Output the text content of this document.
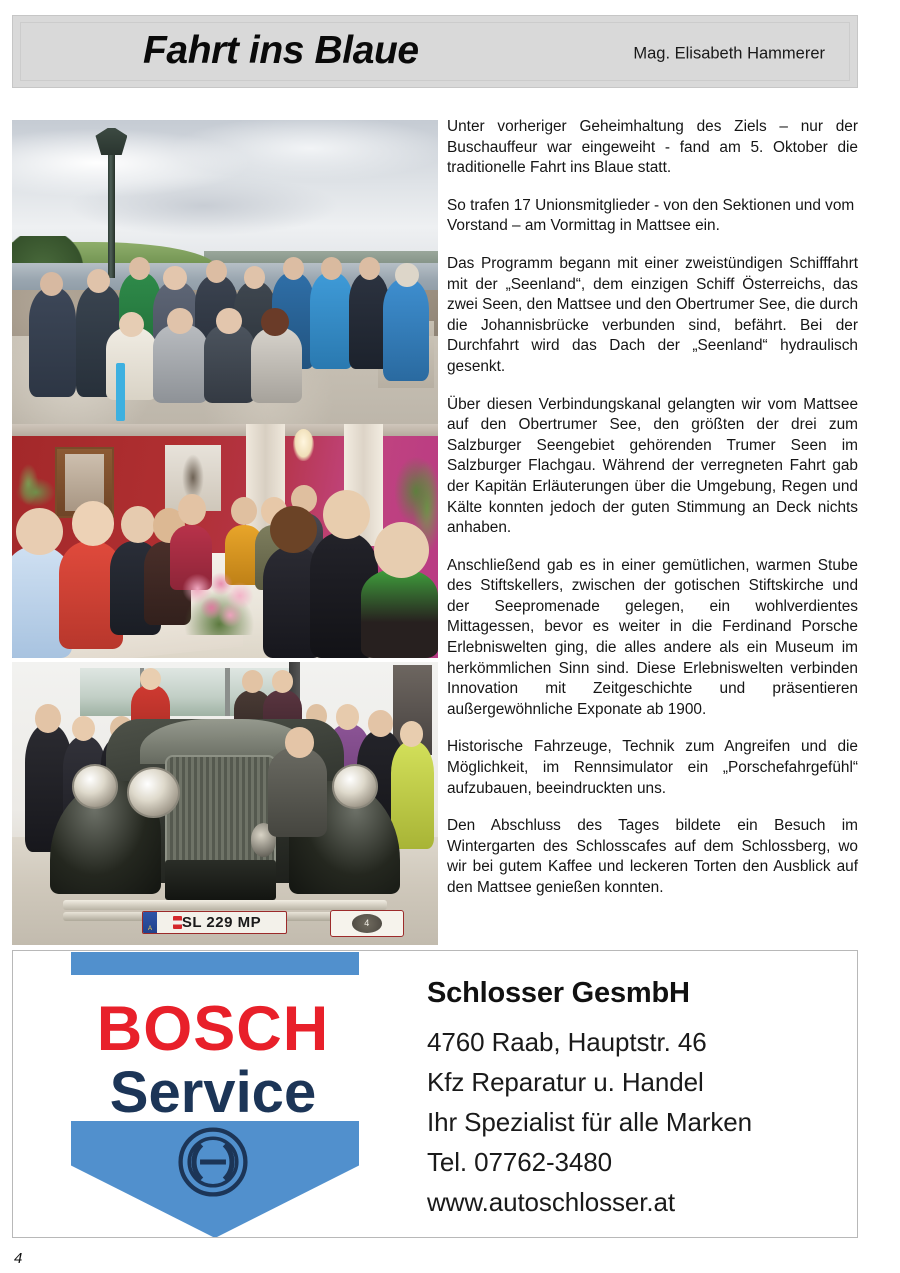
Fahrt ins Blaue	Mag. Elisabeth Hammerer
A	SL 229 MP	4

Unter vorheriger Geheimhaltung des Ziels – nur der Buschauffeur war eingeweiht - fand am 5. Oktober die traditionelle Fahrt ins Blaue statt.

So trafen 17 Unionsmitglieder - von den Sektionen und vom Vorstand – am Vormittag in Mattsee ein.

Das Programm begann mit einer zweistündigen Schifffahrt mit der „Seenland“, dem einzigen Schiff Österreichs, das zwei Seen, den Mattsee und den Obertrumer See, die durch die Johannisbrücke verbunden sind, befährt. Bei der Durchfahrt wird das Dach der „Seenland“ hydraulisch gesenkt.

Über diesen Verbindungskanal gelangten wir vom Mattsee auf den Obertrumer See, den größten der drei zum Salzburger Seengebiet gehörenden Trumer Seen im Salzburger Flachgau. Während der verregneten Fahrt gab der Kapitän Erläuterungen über die Umgebung, Regen und Kälte konnten jedoch der guten Stimmung an Deck nichts anhaben.

Anschließend gab es in einer gemütlichen, warmen Stube des Stiftskellers, zwischen der gotischen Stiftskirche und der Seepromenade gelegen, ein wohlverdientes Mittagessen, bevor es weiter in die Ferdinand Porsche Erlebniswelten ging, die alles andere als ein Museum im herkömmlichen Sinn sind. Diese Erlebniswelten verbinden Innovation mit Zeitgeschichte und präsentieren außergewöhnliche Exponate ab 1900.

Historische Fahrzeuge, Technik zum Angreifen und die Möglichkeit, im Rennsimulator ein „Porschefahrgefühl“ aufzubauen, beeindruckten uns.

Den Abschluss des Tages bildete ein Besuch im Wintergarten des Schlosscafes auf dem Schlossberg, wo wir bei gutem Kaffee und leckeren Torten den Ausblick auf den Mattsee genießen konnten.

BOSCH
Service
Schlosser GesmbH
4760 Raab, Hauptstr. 46
Kfz Reparatur u. Handel
Ihr Spezialist für alle Marken
Tel. 07762-3480
www.autoschlosser.at
4
